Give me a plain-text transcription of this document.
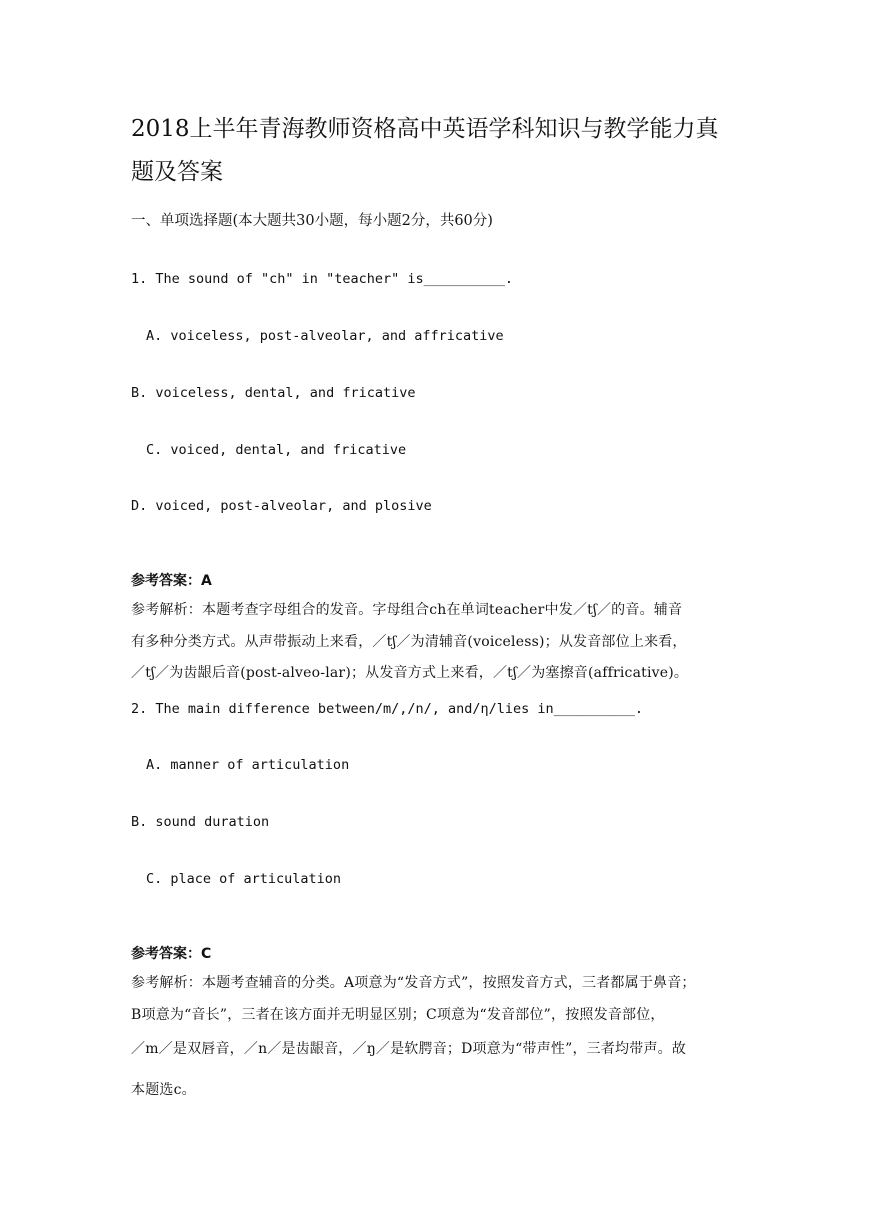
2018上半年青海教师资格高中英语学科知识与教学能力真
题及答案
一、单项选择题(本大题共30小题，每小题2分，共60分)
1. The sound of "ch" in "teacher" is__________.
A. voiceless, post-alveolar, and affricative
B. voiceless, dental, and fricative
C. voiced, dental, and fricative
D. voiced, post-alveolar, and plosive
参考答案：A
参考解析：本题考查字母组合的发音。字母组合ch在单词teacher中发／tʃ／的音。辅音
有多种分类方式。从声带振动上来看，／tʃ／为清辅音(voiceless)；从发音部位上来看，
／tʃ／为齿龈后音(post-alveo-lar)；从发音方式上来看，／tʃ／为塞擦音(affricative)。
2. The main difference between/m/,/n/, and/η/lies in__________.
A. manner of articulation
B. sound duration
C. place of articulation
参考答案：C
参考解析：本题考查辅音的分类。A项意为“发音方式”，按照发音方式，三者都属于鼻音；
B项意为“音长”，三者在该方面并无明显区别；C项意为“发音部位”，按照发音部位，
／m／是双唇音，／n／是齿龈音，／ŋ／是软腭音；D项意为“带声性”，三者均带声。故
本题选c。
